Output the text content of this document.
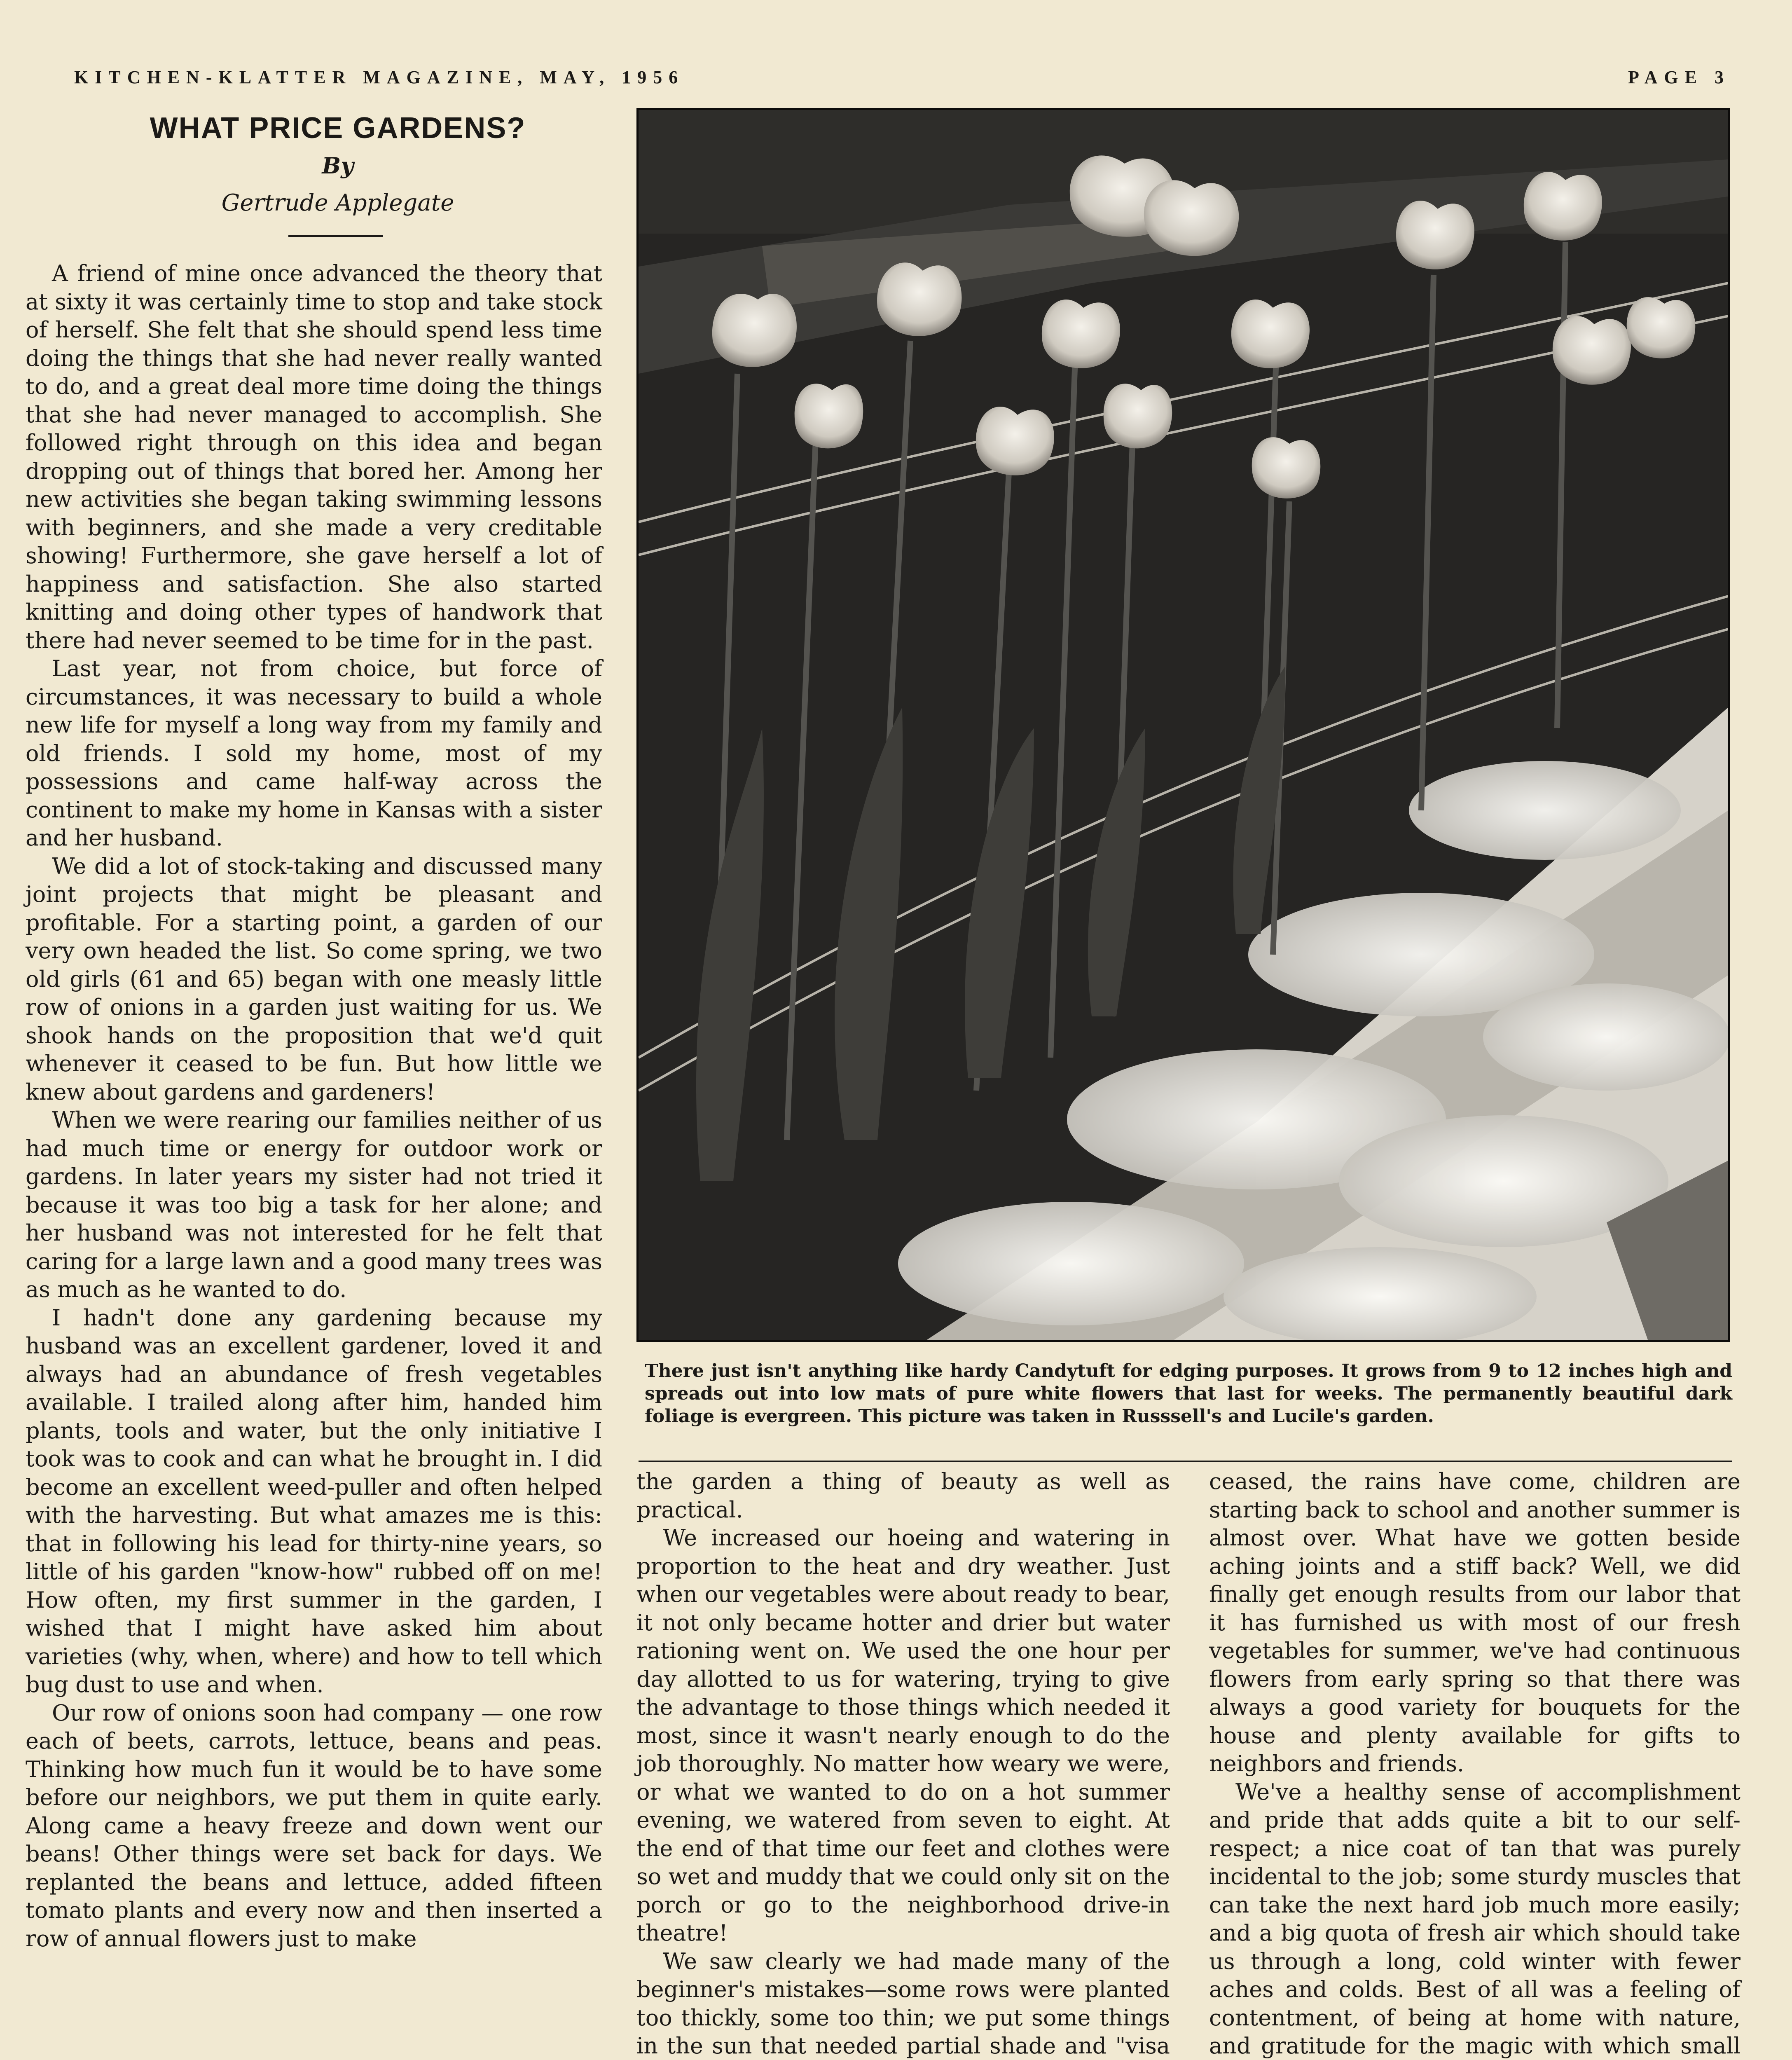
KITCHEN-KLATTER MAGAZINE, MAY, 1956	PAGE 3
WHAT PRICE GARDENS?
By
Gertrude Applegate

A friend of mine once advanced the theory that at sixty it was certainly time to stop and take stock of herself. She felt that she should spend less time doing the things that she had never really wanted to do, and a great deal more time doing the things that she had never managed to accomplish. She followed right through on this idea and began dropping out of things that bored her. Among her new activities she began taking swimming lessons with beginners, and she made a very creditable showing! Furthermore, she gave herself a lot of happiness and satisfaction. She also started knitting and doing other types of handwork that there had never seemed to be time for in the past.

Last year, not from choice, but force of circumstances, it was necessary to build a whole new life for myself a long way from my family and old friends. I sold my home, most of my possessions and came half-way across the continent to make my home in Kansas with a sister and her husband.

We did a lot of stock-taking and discussed many joint projects that might be pleasant and profitable. For a starting point, a garden of our very own headed the list. So come spring, we two old girls (61 and 65) began with one measly little row of onions in a garden just waiting for us. We shook hands on the proposition that we'd quit whenever it ceased to be fun. But how little we knew about gardens and gardeners!

When we were rearing our families neither of us had much time or energy for outdoor work or gardens. In later years my sister had not tried it because it was too big a task for her alone; and her husband was not interested for he felt that caring for a large lawn and a good many trees was as much as he wanted to do.

I hadn't done any gardening because my husband was an excellent gardener, loved it and always had an abundance of fresh vegetables available. I trailed along after him, handed him plants, tools and water, but the only initiative I took was to cook and can what he brought in. I did become an excellent weed-puller and often helped with the harvesting. But what amazes me is this: that in following his lead for thirty-nine years, so little of his garden "know-how" rubbed off on me! How often, my first summer in the garden, I wished that I might have asked him about varieties (why, when, where) and how to tell which bug dust to use and when.

Our row of onions soon had company — one row each of beets, carrots, lettuce, beans and peas. Thinking how much fun it would be to have some before our neighbors, we put them in quite early. Along came a heavy freeze and down went our beans! Other things were set back for days. We replanted the beans and lettuce, added fifteen tomato plants and every now and then inserted a row of annual flowers just to make

There just isn't anything like hardy Candytuft for edging purposes. It grows from 9 to 12 inches high and spreads out into low mats of pure white flowers that last for weeks. The permanently beautiful dark foliage is evergreen. This picture was taken in Russsell's and Lucile's garden.

the garden a thing of beauty as well as practical.

We increased our hoeing and watering in proportion to the heat and dry weather. Just when our vegetables were about ready to bear, it not only became hotter and drier but water rationing went on. We used the one hour per day allotted to us for watering, trying to give the advantage to those things which needed it most, since it wasn't nearly enough to do the job thoroughly. No matter how weary we were, or what we wanted to do on a hot summer evening, we watered from seven to eight. At the end of that time our feet and clothes were so wet and muddy that we could only sit on the porch or go to the neighborhood drive-in theatre!

We saw clearly we had made many of the beginner's mistakes—some rows were planted too thickly, some too thin; we put some things in the sun that needed partial shade and "visa

ceased, the rains have come, children are starting back to school and another summer is almost over. What have we gotten beside aching joints and a stiff back? Well, we did finally get enough results from our labor that it has furnished us with most of our fresh vegetables for summer, we've had continuous flowers from early spring so that there was always a good variety for bouquets for the house and plenty available for gifts to neighbors and friends.

We've a healthy sense of accomplishment and pride that adds quite a bit to our self-respect; a nice coat of tan that was purely incidental to the job; some sturdy muscles that can take the next hard job much more easily; and a big quota of fresh air which should take us through a long, cold winter with fewer aches and colds. Best of all was a feeling of contentment, of being at home with nature, and gratitude for the magic with which small
